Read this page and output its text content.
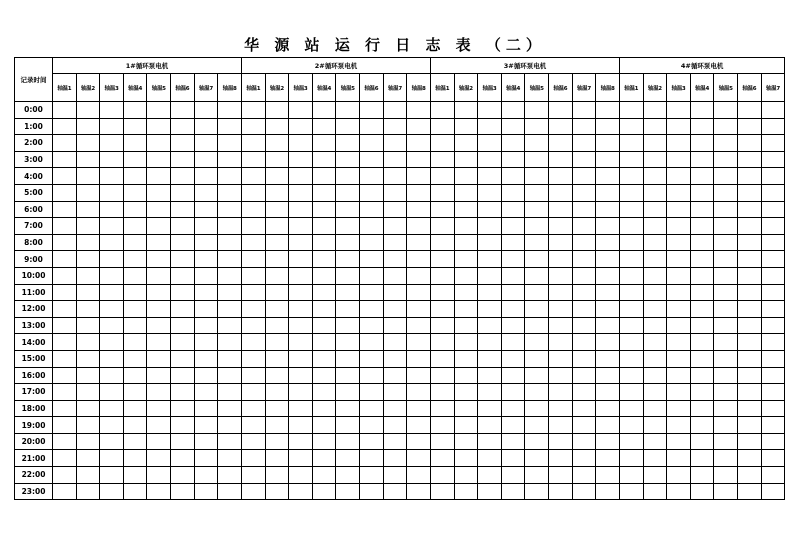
华 源 站 运 行 日 志 表 （二）
记录时间	1#循环泵电机								2#循环泵电机								3#循环泵电机								4#循环泵电机						
	轴温1	轴温2	轴温3	轴温4	轴温5	轴温6	轴温7	轴温8	轴温1	轴温2	轴温3	轴温4	轴温5	轴温6	轴温7	轴温8	轴温1	轴温2	轴温3	轴温4	轴温5	轴温6	轴温7	轴温8	轴温1	轴温2	轴温3	轴温4	轴温5	轴温6	轴温7
0:00																															
1:00																															
2:00																															
3:00																															
4:00																															
5:00																															
6:00																															
7:00																															
8:00																															
9:00																															
10:00																															
11:00																															
12:00																															
13:00																															
14:00																															
15:00																															
16:00																															
17:00																															
18:00																															
19:00																															
20:00																															
21:00																															
22:00																															
23:00																															
